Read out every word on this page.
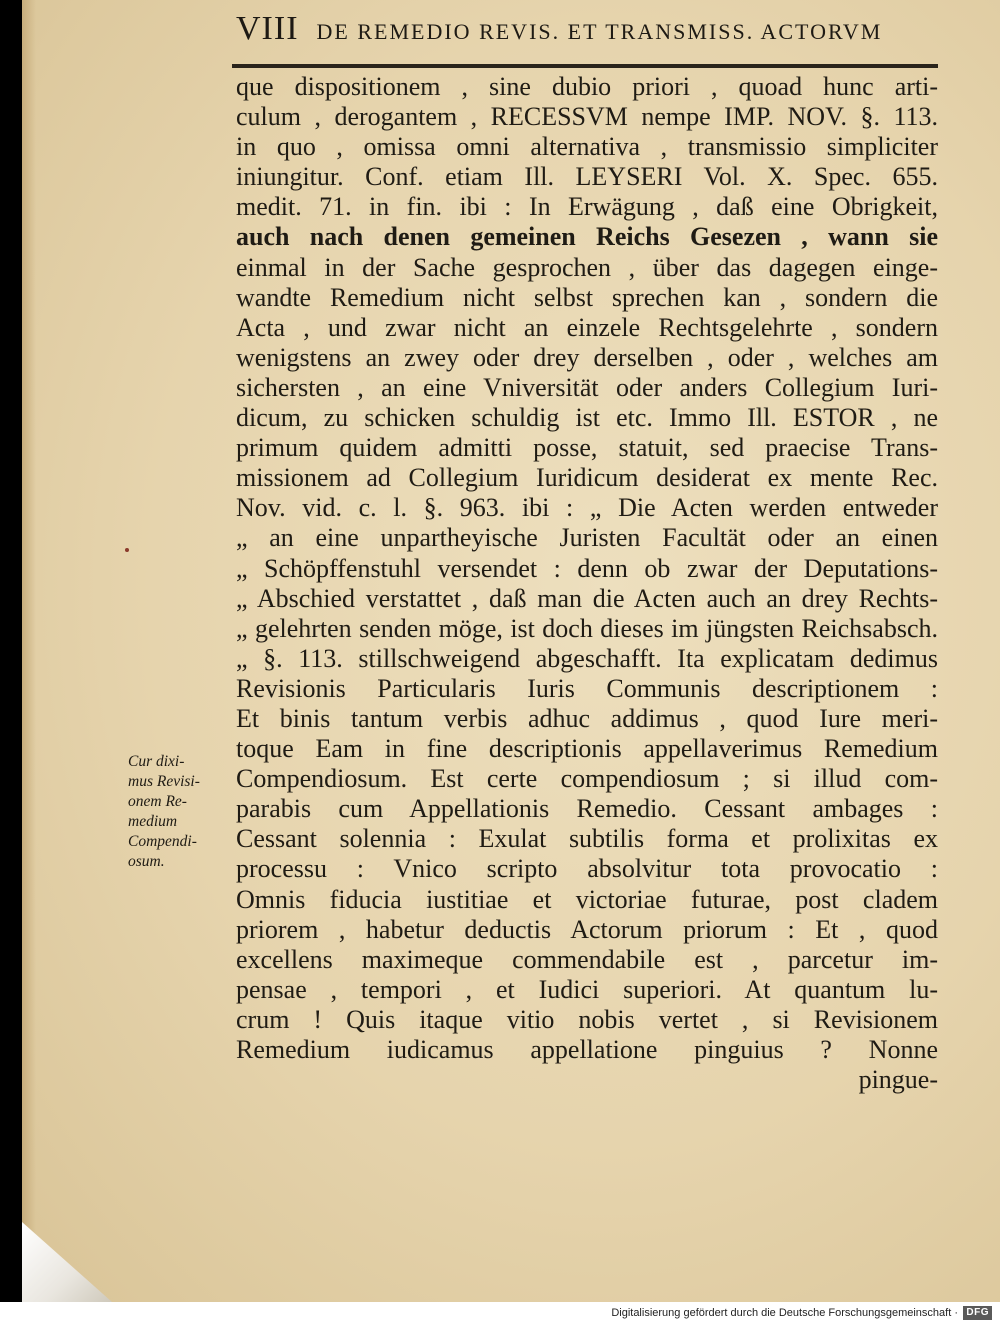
VIII DE REMEDIO REVIS. ET TRANSMISS. ACTORVM
que dispositionem , sine dubio priori , quoad hunc arti-
culum , derogantem , RECESSVM nempe IMP. NOV. §. 113.
in quo , omissa omni alternativa , transmissio simpliciter
iniungitur. Conf. etiam Ill. LEYSERI Vol. X. Spec. 655.
medit. 71. in fin. ibi : In Erwägung , daß eine Obrigkeit,
auch nach denen gemeinen Reichs Gesezen , wann sie
einmal in der Sache gesprochen , über das dagegen einge-
wandte Remedium nicht selbst sprechen kan , sondern die
Acta , und zwar nicht an einzele Rechtsgelehrte , sondern
wenigstens an zwey oder drey derselben , oder , welches am
sichersten , an eine Vniversität oder anders Collegium Iuri-
dicum, zu schicken schuldig ist etc. Immo Ill. ESTOR , ne
primum quidem admitti posse, statuit, sed praecise Trans-
missionem ad Collegium Iuridicum desiderat ex mente Rec.
Nov. vid. c. l. §. 963. ibi : „ Die Acten werden entweder
„ an eine unpartheyische Juristen Facultät oder an einen
„ Schöpffenstuhl versendet : denn ob zwar der Deputations-
„ Abschied verstattet , daß man die Acten auch an drey Rechts-
„ gelehrten senden möge, ist doch dieses im jüngsten Reichsabsch.
„ §. 113. stillschweigend abgeschafft. Ita explicatam dedimus
Revisionis Particularis Iuris Communis descriptionem :
Et binis tantum verbis adhuc addimus , quod Iure meri-
toque Eam in fine descriptionis appellaverimus Remedium
Compendiosum. Est certe compendiosum ; si illud com-
parabis cum Appellationis Remedio. Cessant ambages :
Cessant solennia : Exulat subtilis forma et prolixitas ex
processu : Vnico scripto absolvitur tota provocatio :
Omnis fiducia iustitiae et victoriae futurae, post cladem
priorem , habetur deductis Actorum priorum : Et , quod
excellens maximeque commendabile est , parcetur im-
pensae , tempori , et Iudici superiori. At quantum lu-
crum ! Quis itaque vitio nobis vertet , si Revisionem
Remedium iudicamus appellatione pinguius ? Nonne
pingue-
Cur dixi-
mus Revisi-
onem Re-
medium
Compendi-
osum.
Digitalisierung gefördert durch die Deutsche Forschungsgemeinschaft · DFG
